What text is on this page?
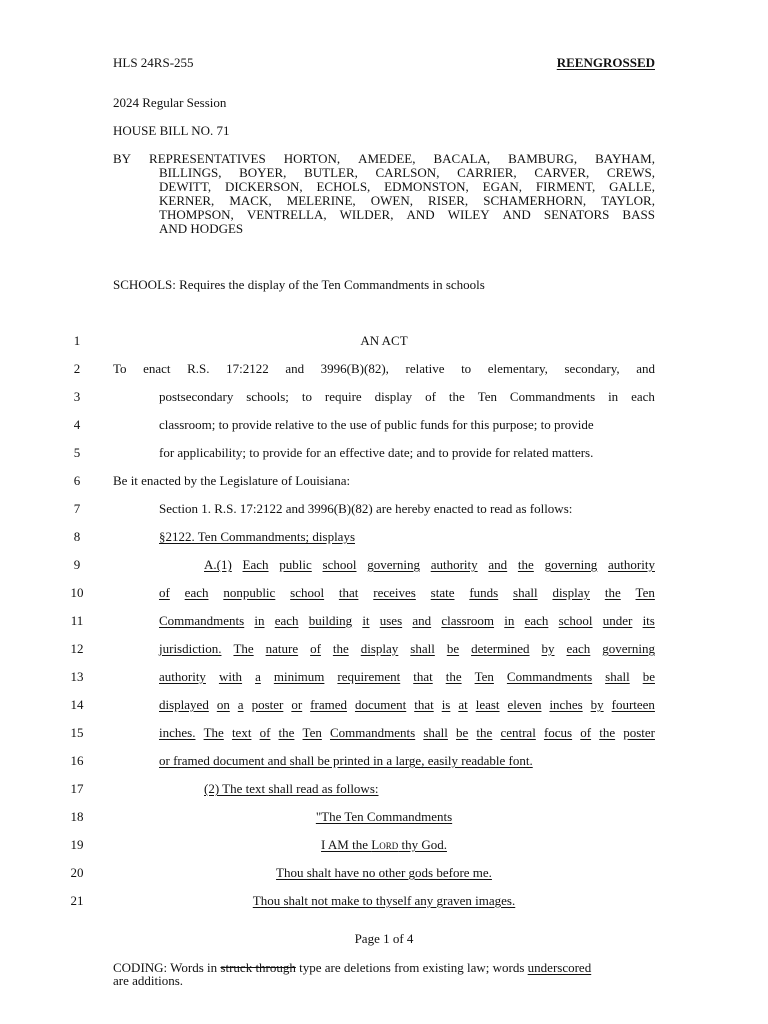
HLS 24RS-255	REENGROSSED
2024 Regular Session
HOUSE BILL NO. 71
BY REPRESENTATIVES HORTON, AMEDEE, BACALA, BAMBURG, BAYHAM,
BILLINGS, BOYER, BUTLER, CARLSON, CARRIER, CARVER, CREWS,
DEWITT, DICKERSON, ECHOLS, EDMONSTON, EGAN, FIRMENT, GALLE,
KERNER, MACK, MELERINE, OWEN, RISER, SCHAMERHORN, TAYLOR,
THOMPSON, VENTRELLA, WILDER, AND WILEY AND SENATORS BASS
AND HODGES
SCHOOLS: Requires the display of the Ten Commandments in schools
1
2
3
4
5
6
7
8
9
10
11
12
13
14
15
16
17
18
19
20
21
AN ACT
To enact R.S. 17:2122 and 3996(B)(82), relative to elementary, secondary, and
postsecondary schools; to require display of the Ten Commandments in each
classroom; to provide relative to the use of public funds for this purpose; to provide
for applicability; to provide for an effective date; and to provide for related matters.
Be it enacted by the Legislature of Louisiana:
Section 1. R.S. 17:2122 and 3996(B)(82) are hereby enacted to read as follows:
§2122. Ten Commandments; displays
A.(1) Each public school governing authority and the governing authority
of each nonpublic school that receives state funds shall display the Ten
Commandments in each building it uses and classroom in each school under its
jurisdiction. The nature of the display shall be determined by each governing
authority with a minimum requirement that the Ten Commandments shall be
displayed on a poster or framed document that is at least eleven inches by fourteen
inches. The text of the Ten Commandments shall be the central focus of the poster
or framed document and shall be printed in a large, easily readable font.
(2) The text shall read as follows:
"The Ten Commandments
I AM the Lord thy God.
Thou shalt have no other gods before me.
Thou shalt not make to thyself any graven images.
Page 1 of 4
CODING: Words in struck through type are deletions from existing law; words underscored
are additions.
